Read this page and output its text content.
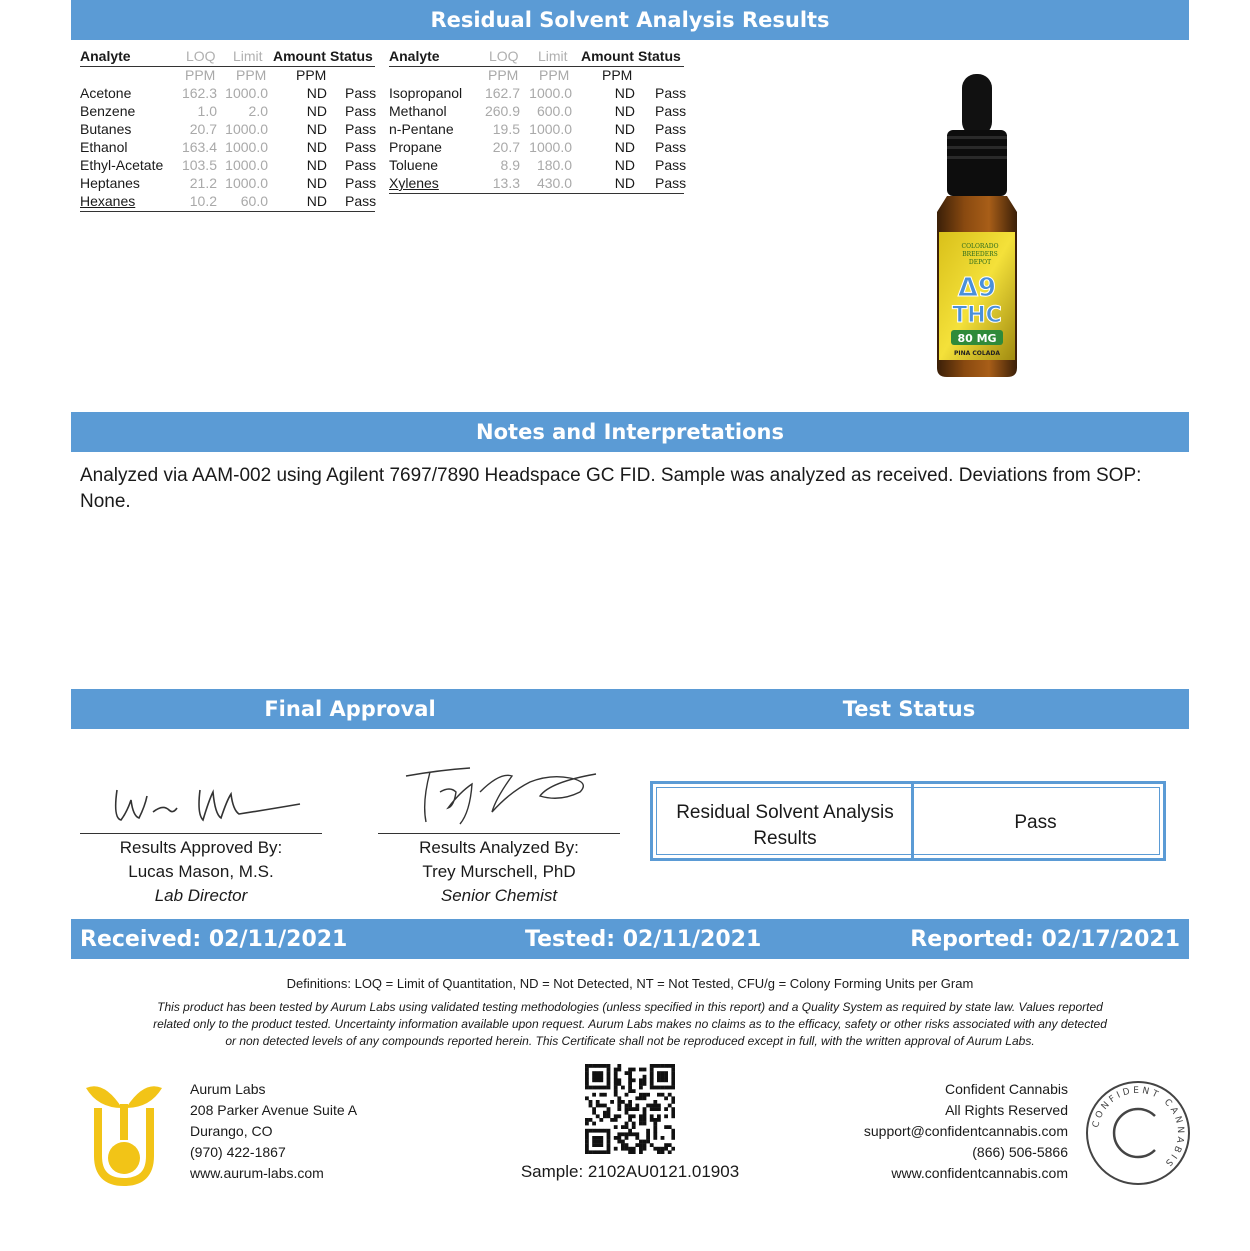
Residual Solvent Analysis Results
Analyte	LOQ Limit Amount Status
PPM PPM PPM
Acetone	162.3 1000.0	ND Pass
Benzene	1.0 2.0	ND Pass
Butanes	20.7 1000.0	ND Pass
Ethanol	163.4 1000.0	ND Pass
Ethyl-Acetate 103.5 1000.0	ND Pass
Heptanes	21.2 1000.0	ND Pass
Hexanes	10.2 60.0	ND Pass
Analyte	LOQ Limit Amount Status
PPM PPM PPM
Isopropanol 162.7 1000.0	ND Pass
Methanol	260.9 600.0	ND Pass
n-Pentane	19.5 1000.0	ND Pass
Propane	20.7 1000.0	ND Pass
Toluene	8.9 180.0	ND Pass
Xylenes	13.3 430.0	ND Pass
COLORADO
BREEDERS
DEPOT
Δ9
THC
80 MG
PINA COLADA
Notes and Interpretations
Analyzed via AAM-002 using Agilent 7697/7890 Headspace GC FID. Sample was analyzed as received. Deviations from SOP: None.
Final Approval	Test Status
Results Approved By:
Lucas Mason, M.S.
Lab Director
Results Analyzed By:
Trey Murschell, PhD
Senior Chemist
Residual Solvent Analysis
Results
Pass
Received: 02/11/2021	Tested: 02/11/2021	Reported: 02/17/2021
Definitions: LOQ = Limit of Quantitation, ND = Not Detected, NT = Not Tested, CFU/g = Colony Forming Units per Gram
This product has been tested by Aurum Labs using validated testing methodologies (unless specified in this report) and a Quality System as required by state law. Values reported
related only to the product tested. Uncertainty information available upon request. Aurum Labs makes no claims as to the efficacy, safety or other risks associated with any detected
or non detected levels of any compounds reported herein. This Certificate shall not be reproduced except in full, with the written approval of Aurum Labs.
Aurum Labs
208 Parker Avenue Suite A
Durango, CO
(970) 422-1867
www.aurum-labs.com	Sample: 2102AU0121.01903
Confident Cannabis
All Rights Reserved
support@confidentcannabis.com
(866) 506-5866
www.confidentcannabis.com
CONFIDENT CANNABIS
